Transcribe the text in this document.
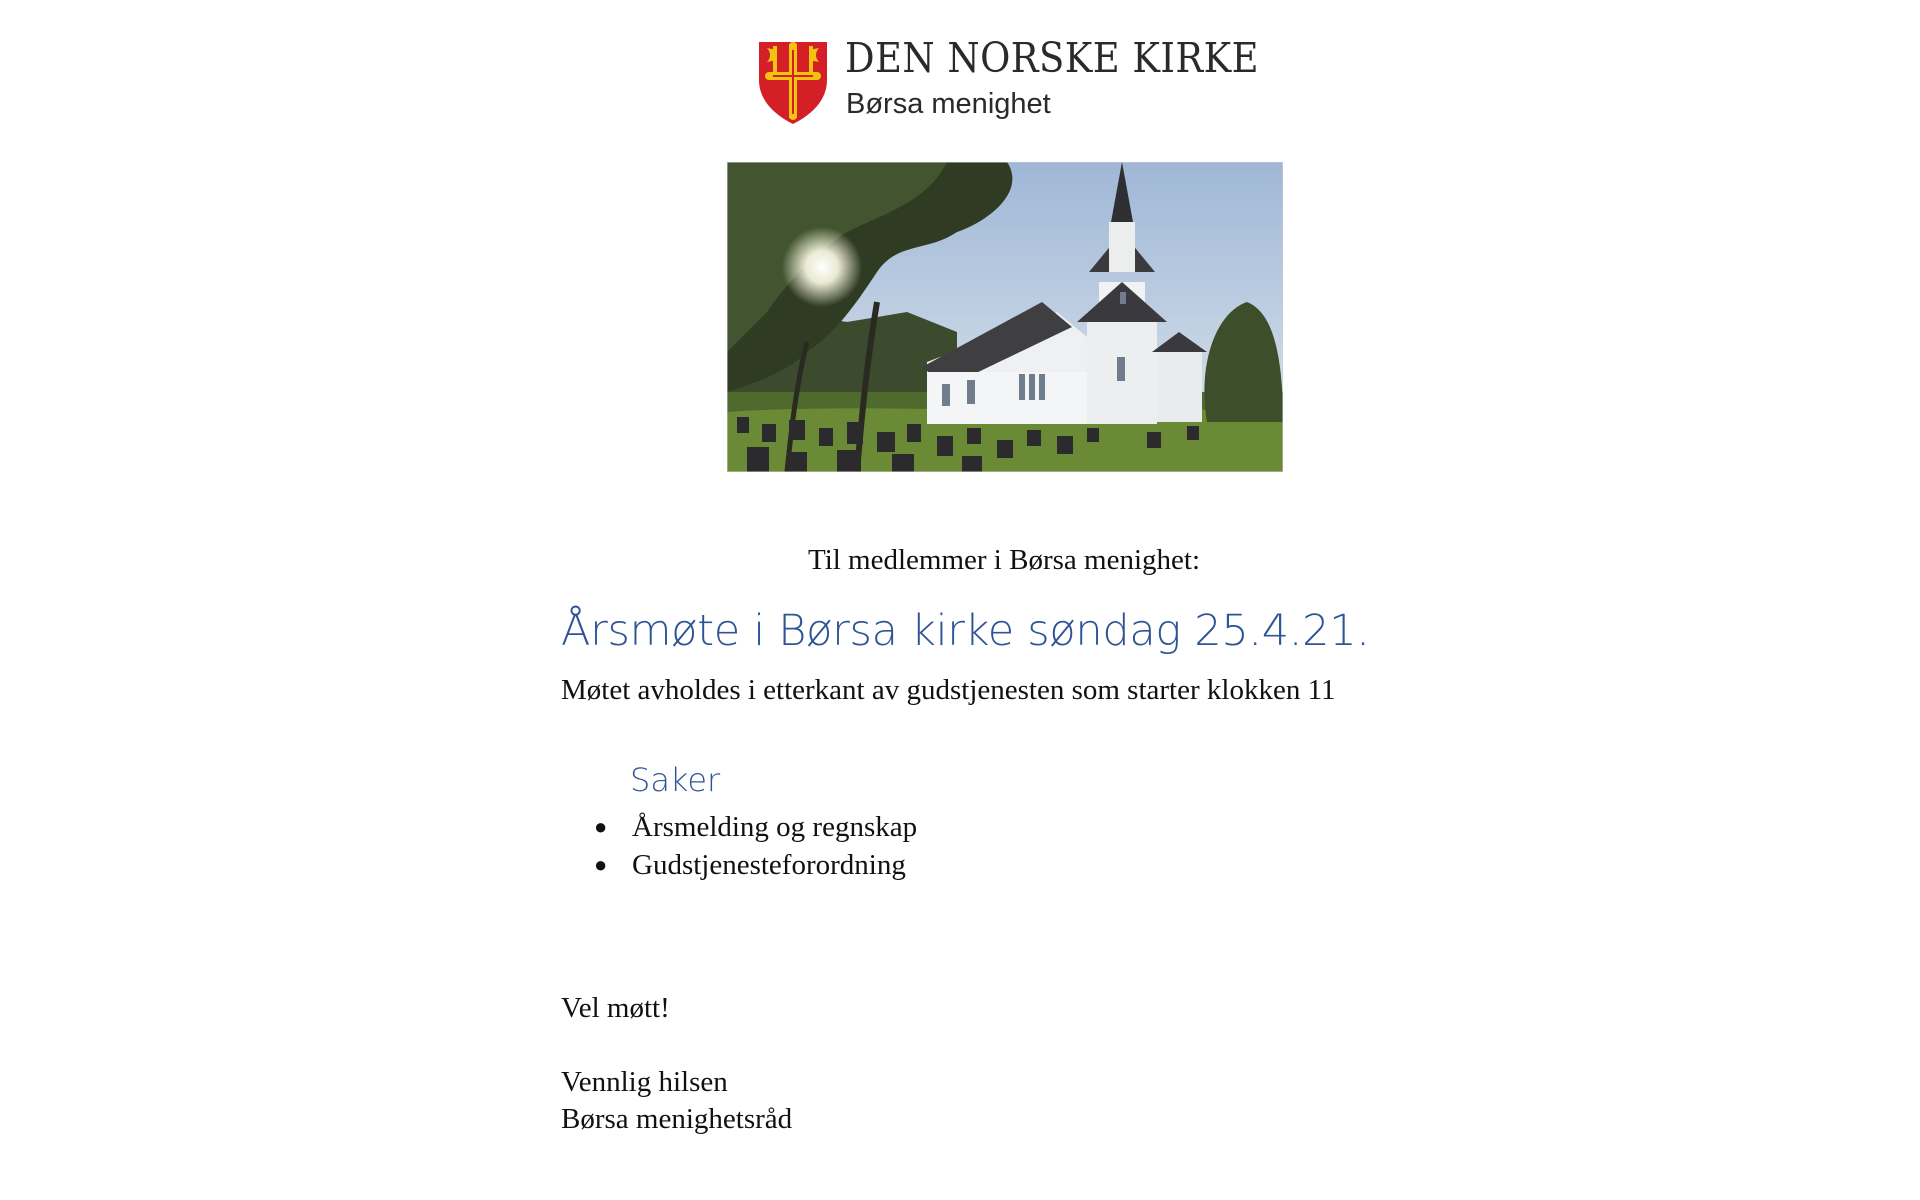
DEN NORSKE KIRKE
Børsa menighet
Til medlemmer i Børsa menighet:
Årsmøte i Børsa kirke søndag 25.4.21.
Møtet avholdes i etterkant av gudstjenesten som starter klokken 11
Saker
● Årsmelding og regnskap
● Gudstjenesteforordning
Vel møtt!
Vennlig hilsen
Børsa menighetsråd
